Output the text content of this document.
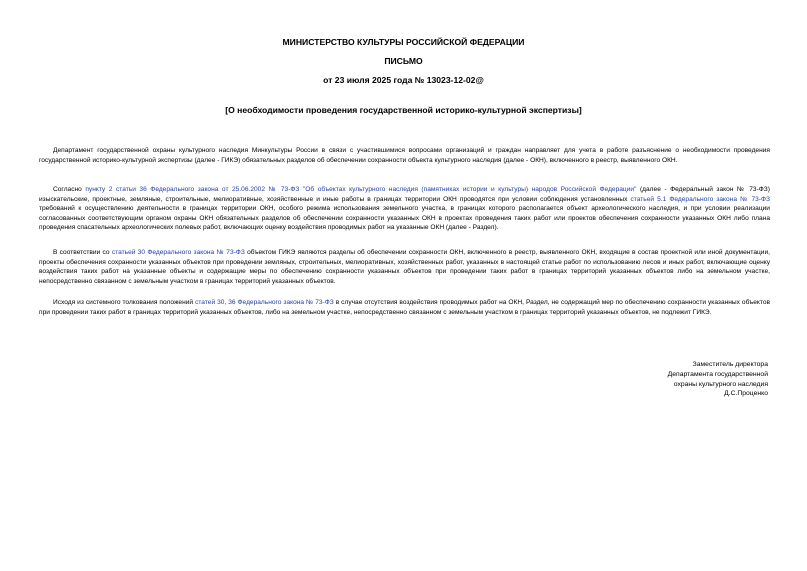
МИНИСТЕРСТВО КУЛЬТУРЫ РОССИЙСКОЙ ФЕДЕРАЦИИ
ПИСЬМО
от 23 июля 2025 года № 13023-12-02@
[О необходимости проведения государственной историко-культурной экспертизы]

Департамент государственной охраны культурного наследия Минкультуры России в связи с участившимися вопросами организаций и граждан направляет для учета в работе разъяснение о необходимости проведения государственной историко-культурной экспертизы (далее - ГИКЭ) обязательных разделов об обеспечении сохранности объекта культурного наследия (далее - ОКН), включенного в реестр, выявленного ОКН.

Согласно пункту 2 статьи 36 Федерального закона от 25.06.2002 № 73-ФЗ "Об объектах культурного наследия (памятниках истории и культуры) народов Российской Федерации" (далее - Федеральный закон № 73-ФЗ) изыскательские, проектные, земляные, строительные, мелиоративные, хозяйственные и иные работы в границах территории ОКН проводятся при условии соблюдения установленных статьей 5.1 Федерального закона № 73-ФЗ требований к осуществлению деятельности в границах территории ОКН, особого режима использования земельного участка, в границах которого располагается объект археологического наследия, и при условии реализации согласованных соответствующим органом охраны ОКН обязательных разделов об обеспечении сохранности указанных ОКН в проектах проведения таких работ или проектов обеспечения сохранности указанных ОКН либо плана проведения спасательных археологических полевых работ, включающих оценку воздействия проводимых работ на указанные ОКН (далее - Раздел).

В соответствии со статьей 30 Федерального закона № 73-ФЗ объектом ГИКЭ являются разделы об обеспечении сохранности ОКН, включенного в реестр, выявленного ОКН, входящие в состав проектной или иной документации, проекты обеспечения сохранности указанных объектов при проведении земляных, строительных, мелиоративных, хозяйственных работ, указанных в настоящей статье работ по использованию лесов и иных работ, включающие оценку воздействия таких работ на указанные объекты и содержащие меры по обеспечению сохранности указанных объектов при проведении таких работ в границах территорий указанных объектов либо на земельном участке, непосредственно связанном с земельным участком в границах территорий указанных объектов.

Исходя из системного толкования положений статей 30, 36 Федерального закона № 73-ФЗ в случае отсутствия воздействия проводимых работ на ОКН, Раздел, не содержащий мер по обеспечению сохранности указанных объектов при проведении таких работ в границах территорий указанных объектов, либо на земельном участке, непосредственно связанном с земельным участком в границах территорий указанных объектов, не подлежит ГИКЭ.

Заместитель директора
Департамента государственной
охраны культурного наследия
Д.С.Проценко
